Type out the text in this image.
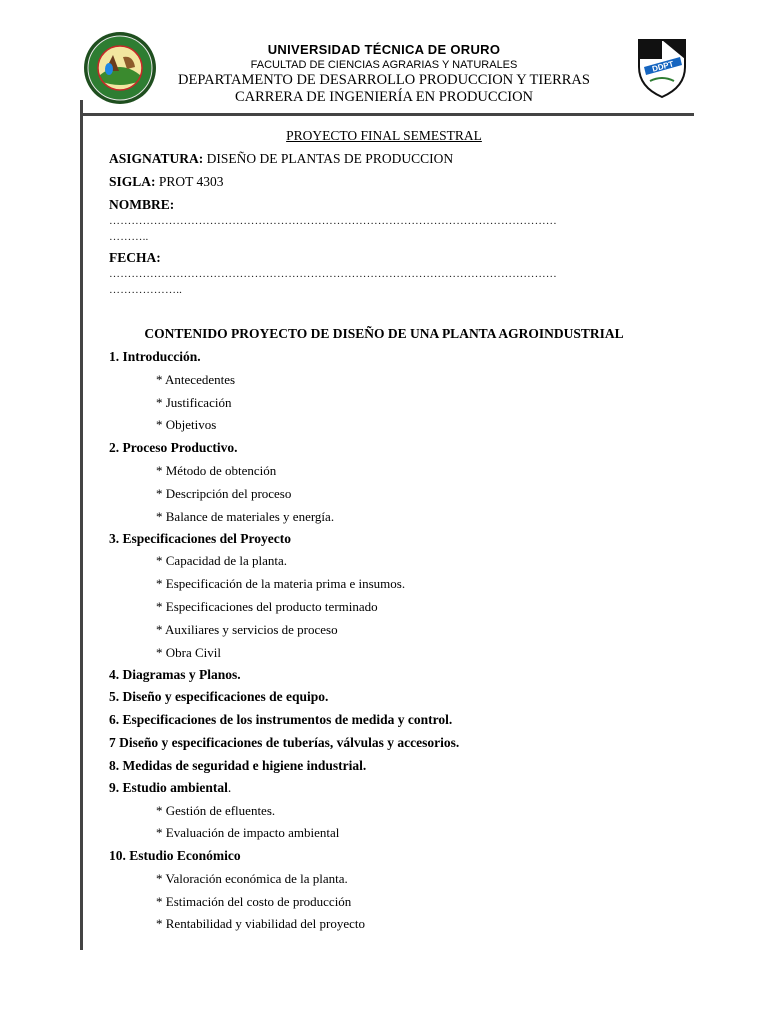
DDPT
UNIVERSIDAD TÉCNICA DE ORURO
FACULTAD DE CIENCIAS AGRARIAS Y NATURALES
DEPARTAMENTO DE DESARROLLO PRODUCCION Y TIERRAS
CARRERA DE INGENIERÍA EN PRODUCCION
PROYECTO FINAL SEMESTRAL
ASIGNATURA: DISEÑO DE PLANTAS DE PRODUCCION
SIGLA: PROT 4303
NOMBRE:
…………………………………………………………………………………………………………
………..
FECHA:
…………………………………………………………………………………………………………
………………..
CONTENIDO PROYECTO DE DISEÑO DE UNA PLANTA AGROINDUSTRIAL
1. Introducción.
* Antecedentes
* Justificación
* Objetivos
2. Proceso Productivo.
* Método de obtención
* Descripción del proceso
* Balance de materiales y energía.
3. Especificaciones del Proyecto
* Capacidad de la planta.
* Especificación de la materia prima e insumos.
* Especificaciones del producto terminado
* Auxiliares y servicios de proceso
* Obra Civil
4. Diagramas y Planos.
5. Diseño y especificaciones de equipo.
6. Especificaciones de los instrumentos de medida y control.
7 Diseño y especificaciones de tuberías, válvulas y accesorios.
8. Medidas de seguridad e higiene industrial.
9. Estudio ambiental.
* Gestión de efluentes.
* Evaluación de impacto ambiental
10. Estudio Económico
* Valoración económica de la planta.
* Estimación del costo de producción
* Rentabilidad y viabilidad del proyecto
